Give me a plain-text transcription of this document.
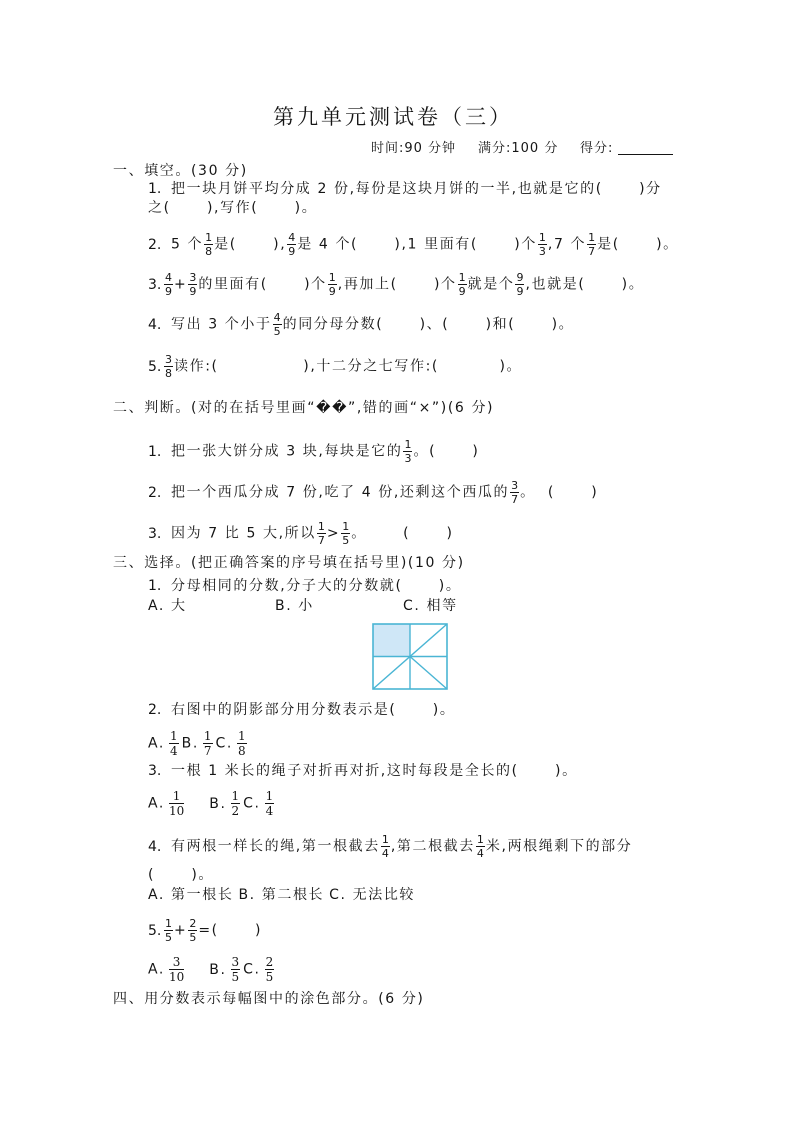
第九单元测试卷（三）
时间:90 分钟 满分:100 分 得分:
一、填空。(30 分)
1. 把一块月饼平均分成 2 份,每份是这块月饼的一半,也就是它的(      )分
之(      ),写作(      )。
2. 5 个 $\frac{1}{8}$ 是(      ), $\frac{4}{9}$ 是 4 个(      ),1 里面有(      )个 $\frac{1}{3} ,7$ 个 $\frac{1}{7}$ 是(      )。
3. $\frac{4}{9} + \frac{3}{9}$ 的里面有(      )个 $\frac{1}{9}$ ,再加上(      )个 $\frac{1}{9}$ 就是个 $\frac{9}{9}$ ,也就是(      )。
4. 写出 3 个小于 $\frac{4}{5}$ 的同分母分数(      )、(      )和(      )。
5. $\frac{3}{8}$ 读作:(              ),十二分之七写作:(          )。
二、判断。(对的在括号里画“��”,错的画“×”)(6 分)
1. 把一张大饼分成 3 块,每块是它的 $\frac{1}{3}$ 。(      )
2. 把一个西瓜分成 7 份,吃了 4 份,还剩这个西瓜的 $\frac{3}{7}$ 。  (      )
3. 因为 7 比 5 大,所以 $\frac{1}{7} > \frac{1}{5}$ 。      (      )
三、选择。(把正确答案的序号填在括号里)(10 分)
1. 分母相同的分数,分子大的分数就(      )。
A. 大	B. 小	C. 相等
2. 右图中的阴影部分用分数表示是(      )。
A. $\frac{1}{4} B$. $\frac{1}{7} C$. $\frac{1}{8}$
3. 一根 1 米长的绳子对折再对折,这时每段是全长的(      )。
A. $\frac{1}{10} B$. $\frac{1}{2} C$. $\frac{1}{4}$
4. 有两根一样长的绳,第一根截去 $\frac{1}{4}$ ,第二根截去 $\frac{1}{4}$ 米,两根绳剩下的部分
(      )。
A. 第一根长 B. 第二根长 C. 无法比较
5. $\frac{1}{5} + \frac{2}{5}$ =(      )
A. $\frac{3}{10} B$. $\frac{3}{5} C$. $\frac{2}{5}$
四、用分数表示每幅图中的涂色部分。(6 分)
